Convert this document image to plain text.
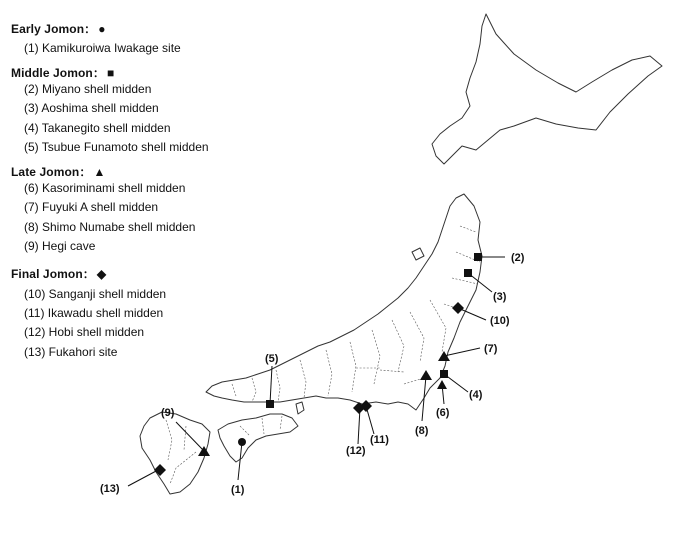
Early Jomon： ●
(1) Kamikuroiwa Iwakage site
Middle Jomon： ■
(2) Miyano shell midden
(3) Aoshima shell midden
(4) Takanegito shell midden
(5) Tsubue Funamoto shell midden
Late Jomon： ▲
(6) Kasoriminami shell midden
(7) Fuyuki A shell midden
(8) Shimo Numabe shell midden
(9) Hegi cave
Final Jomon： ◆
(10) Sanganji shell midden
(11) Ikawadu shell midden
(12) Hobi shell midden
(13) Fukahori site
(1)
(2)
(3)
(4)
(5)
(6)
(7)
(8)
(9)
(10)
(11)
(12)
(13)
